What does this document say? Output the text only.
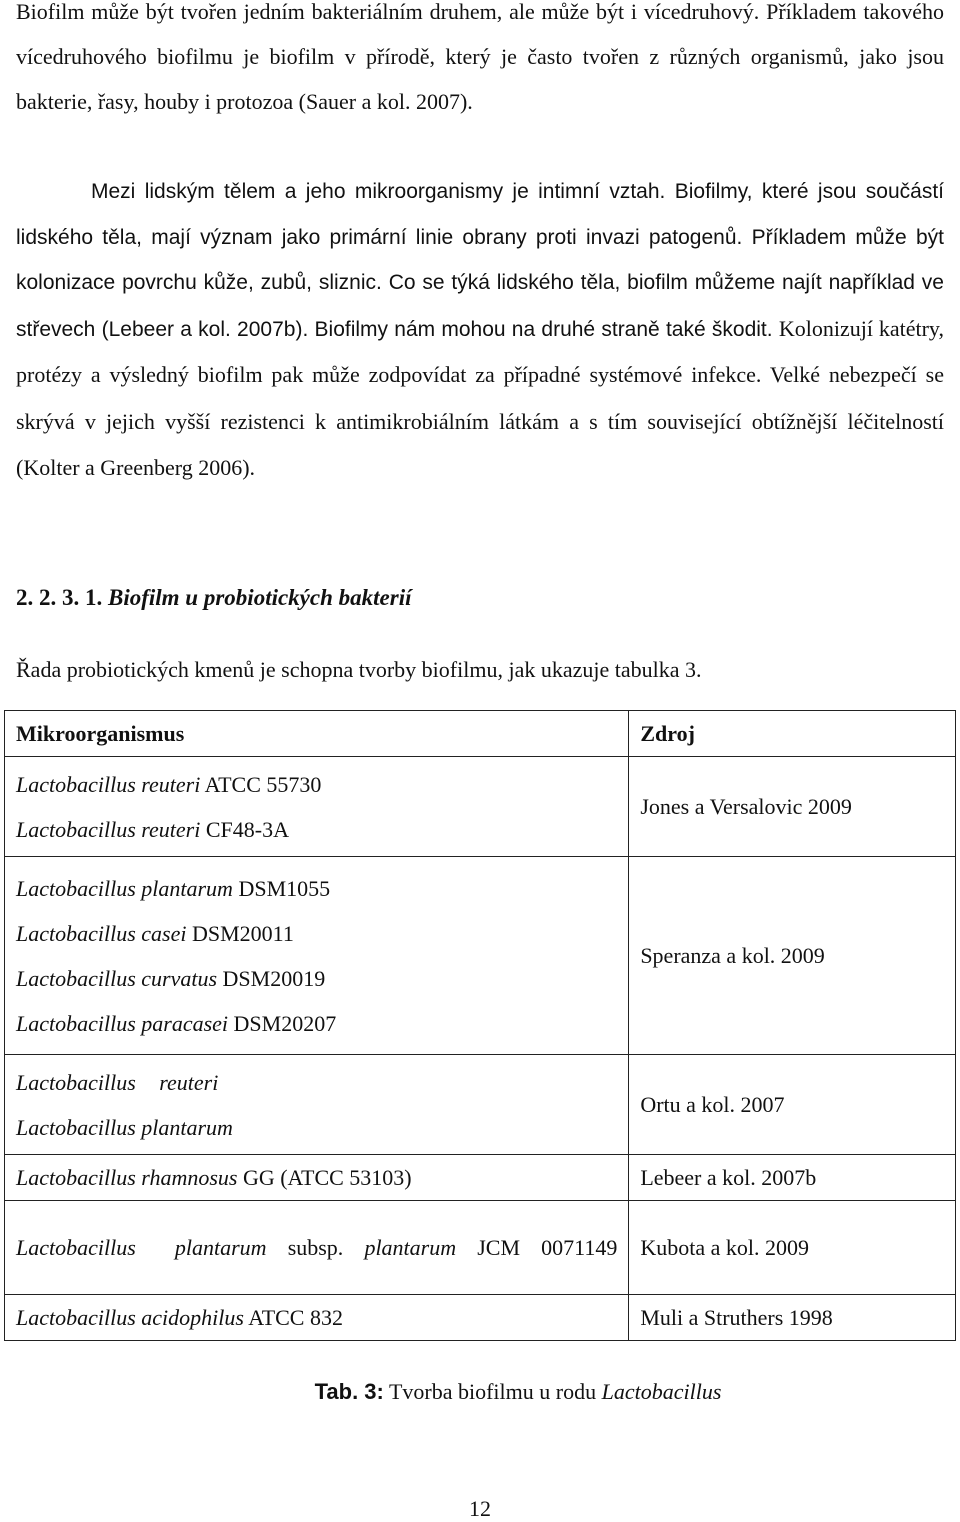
Biofilm může být tvořen jedním bakteriálním druhem, ale může být i vícedruhový. Příkladem takového vícedruhového biofilmu je biofilm v přírodě, který je často tvořen z různých organismů, jako jsou bakterie, řasy, houby i protozoa (Sauer a kol. 2007).

Mezi lidským tělem a jeho mikroorganismy je intimní vztah. Biofilmy, které jsou součástí lidského těla, mají význam jako primární linie obrany proti invazi patogenů. Příkladem může být kolonizace povrchu kůže, zubů, sliznic. Co se týká lidského těla, biofilm můžeme najít například ve střevech (Lebeer a kol. 2007b). Biofilmy nám mohou na druhé straně také škodit. Kolonizují katétry, protézy a výsledný biofilm pak může zodpovídat za případné systémové infekce. Velké nebezpečí se skrývá v jejich vyšší rezistenci k antimikrobiálním látkám a s tím související obtížnější léčitelností (Kolter a Greenberg 2006).

2. 2. 3. 1. Biofilm u probiotických bakterií

Řada probiotických kmenů je schopna tvorby biofilmu, jak ukazuje tabulka 3.

Mikroorganismus	Zdroj

Lactobacillus reuteri ATCC 55730
Lactobacillus reuteri CF48-3A	Jones a Versalovic 2009

Lactobacillus plantarum DSM1055
Lactobacillus casei DSM20011
Lactobacillus curvatus DSM20019
Lactobacillus paracasei DSM20207	Speranza a kol. 2009

Lactobacillus reuteri
Lactobacillus plantarum	Ortu a kol. 2007

Lactobacillus rhamnosus GG (ATCC 53103)	Lebeer a kol. 2007b

Lactobacillus plantarum subsp. plantarum JCM 0071149	Kubota a kol. 2009

Lactobacillus acidophilus ATCC 832	Muli a Struthers 1998

Tab. 3: Tvorba biofilmu u rodu Lactobacillus

12
